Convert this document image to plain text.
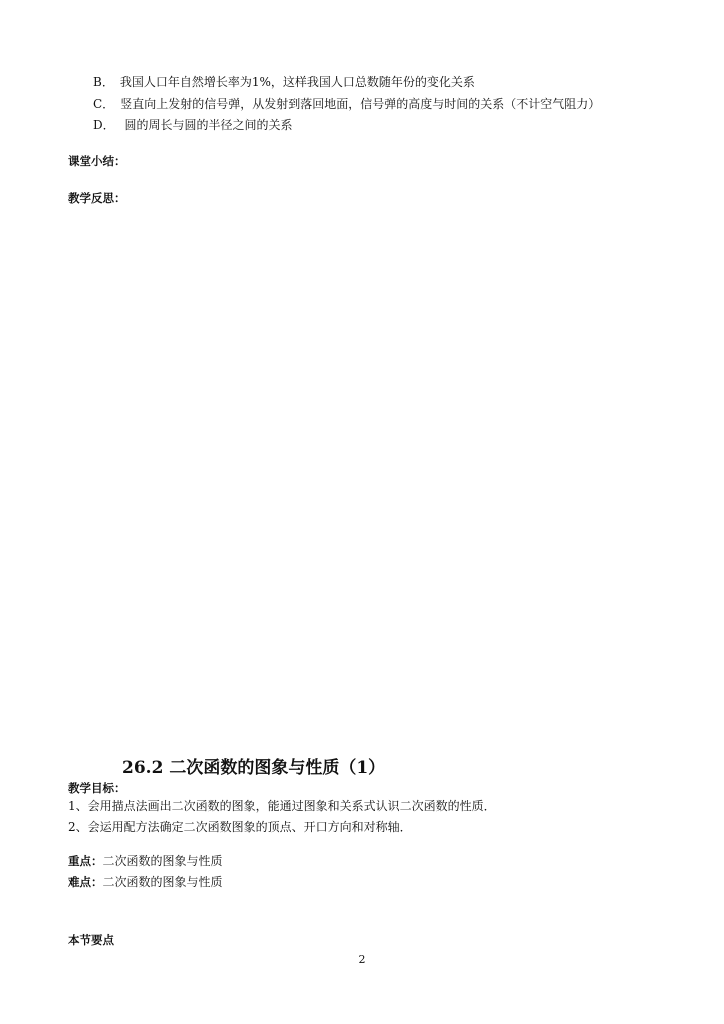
B． 我国人口年自然增长率为1%，这样我国人口总数随年份的变化关系
C． 竖直向上发射的信号弹，从发射到落回地面，信号弹的高度与时间的关系（不计空气阻力）
D． 圆的周长与圆的半径之间的关系
课堂小结：
教学反思：
26.2 二次函数的图象与性质（1）
教学目标：
1、会用描点法画出二次函数的图象，能通过图象和关系式认识二次函数的性质．
2、会运用配方法确定二次函数图象的顶点、开口方向和对称轴．
重点：二次函数的图象与性质
难点：二次函数的图象与性质
本节要点
2
